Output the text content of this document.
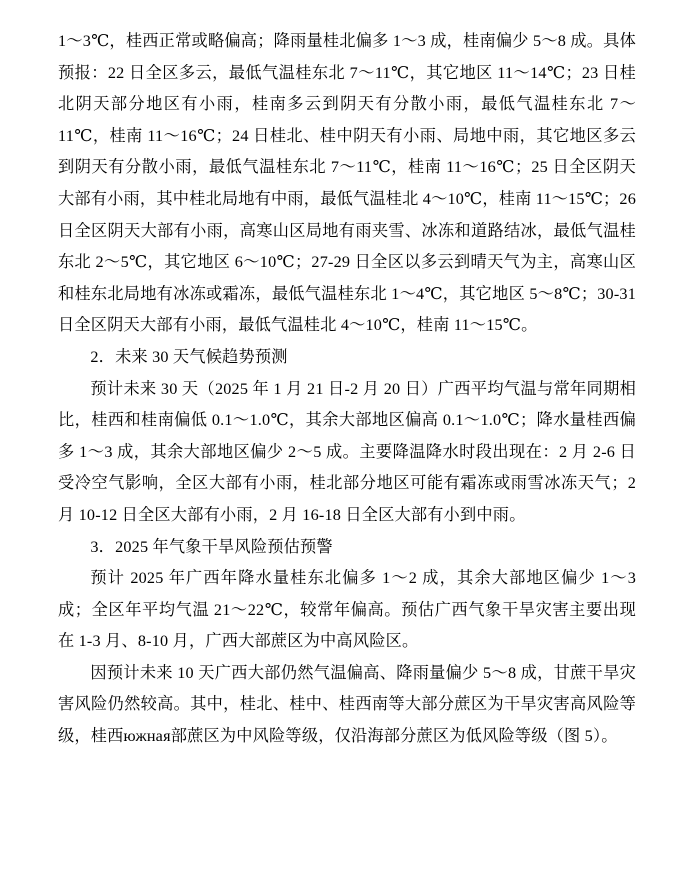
1～3℃，桂西正常或略偏高；降雨量桂北偏多 1～3 成，桂南偏少 5～8 成。具体预报：22 日全区多云，最低气温桂东北 7～11℃，其它地区 11～14℃；23 日桂北阴天部分地区有小雨，桂南多云到阴天有分散小雨，最低气温桂东北 7～11℃，桂南 11～16℃；24 日桂北、桂中阴天有小雨、局地中雨，其它地区多云到阴天有分散小雨，最低气温桂东北 7～11℃，桂南 11～16℃；25 日全区阴天大部有小雨，其中桂北局地有中雨，最低气温桂北 4～10℃，桂南 11～15℃；26 日全区阴天大部有小雨，高寒山区局地有雨夹雪、冰冻和道路结冰，最低气温桂东北 2～5℃，其它地区 6～10℃；27-29 日全区以多云到晴天气为主，高寒山区和桂东北局地有冰冻或霜冻，最低气温桂东北 1～4℃，其它地区 5～8℃；30-31 日全区阴天大部有小雨，最低气温桂北 4～10℃，桂南 11～15℃。

2．未来 30 天气候趋势预测

预计未来 30 天（2025 年 1 月 21 日-2 月 20 日）广西平均气温与常年同期相比，桂西和桂南偏低 0.1～1.0℃，其余大部地区偏高 0.1～1.0℃；降水量桂西偏多 1～3 成，其余大部地区偏少 2～5 成。主要降温降水时段出现在：2 月 2-6 日受冷空气影响，全区大部有小雨，桂北部分地区可能有霜冻或雨雪冰冻天气；2 月 10-12 日全区大部有小雨，2 月 16-18 日全区大部有小到中雨。

3．2025 年气象干旱风险预估预警

预计 2025 年广西年降水量桂东北偏多 1～2 成，其余大部地区偏少 1～3 成；全区年平均气温 21～22℃，较常年偏高。预估广西气象干旱灾害主要出现在 1-3 月、8-10 月，广西大部蔗区为中高风险区。

因预计未来 10 天广西大部仍然气温偏高、降雨量偏少 5～8 成，甘蔗干旱灾害风险仍然较高。其中，桂北、桂中、桂西南等大部分蔗区为干旱灾害高风险等级，桂西южная部蔗区为中风险等级，仅沿海部分蔗区为低风险等级（图 5）。
